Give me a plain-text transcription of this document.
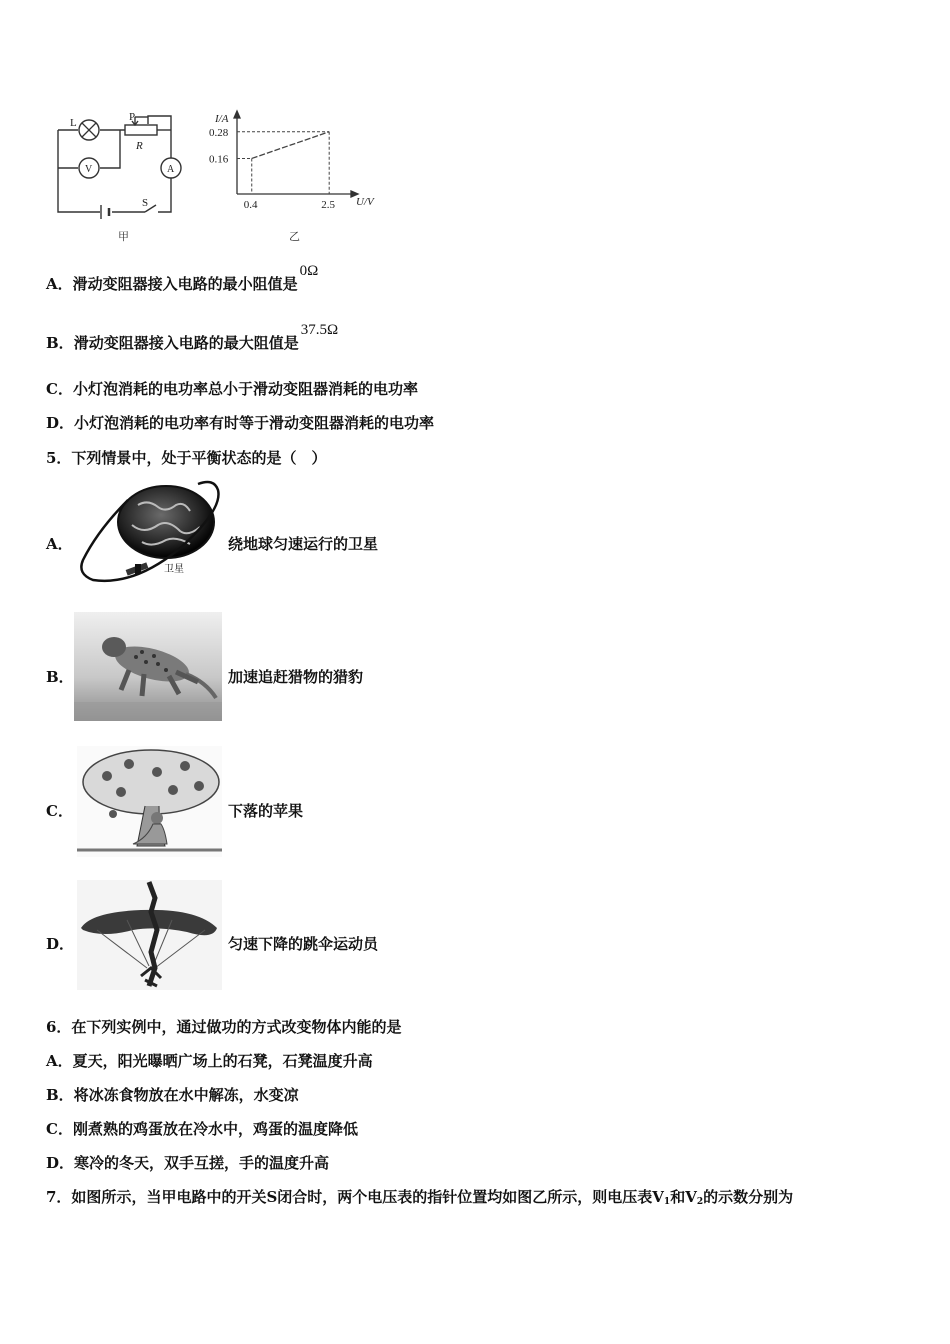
L	P
R
V	A
S
甲
0.28
0.16
0.4	2.5
I/A
U/V
乙
A．滑动变阻器接入电路的最小阻值是0Ω
B．滑动变阻器接入电路的最大阻值是37.5Ω
C．小灯泡消耗的电功率总小于滑动变阻器消耗的电功率
D．小灯泡消耗的电功率有时等于滑动变阻器消耗的电功率
5．下列情景中，处于平衡状态的是（　）
A．
卫星
绕地球匀速运行的卫星
B．	加速追赶猎物的猎豹
C．	下落的苹果
D．	匀速下降的跳伞运动员
6．在下列实例中，通过做功的方式改变物体内能的是
A．夏天，阳光曝晒广场上的石凳，石凳温度升高
B．将冰冻食物放在水中解冻，水变凉
C．刚煮熟的鸡蛋放在冷水中，鸡蛋的温度降低
D．寒冷的冬天，双手互搓，手的温度升高
7．如图所示，当甲电路中的开关S闭合时，两个电压表的指针位置均如图乙所示，则电压表$V_1$和$V_2$的示数分别为
